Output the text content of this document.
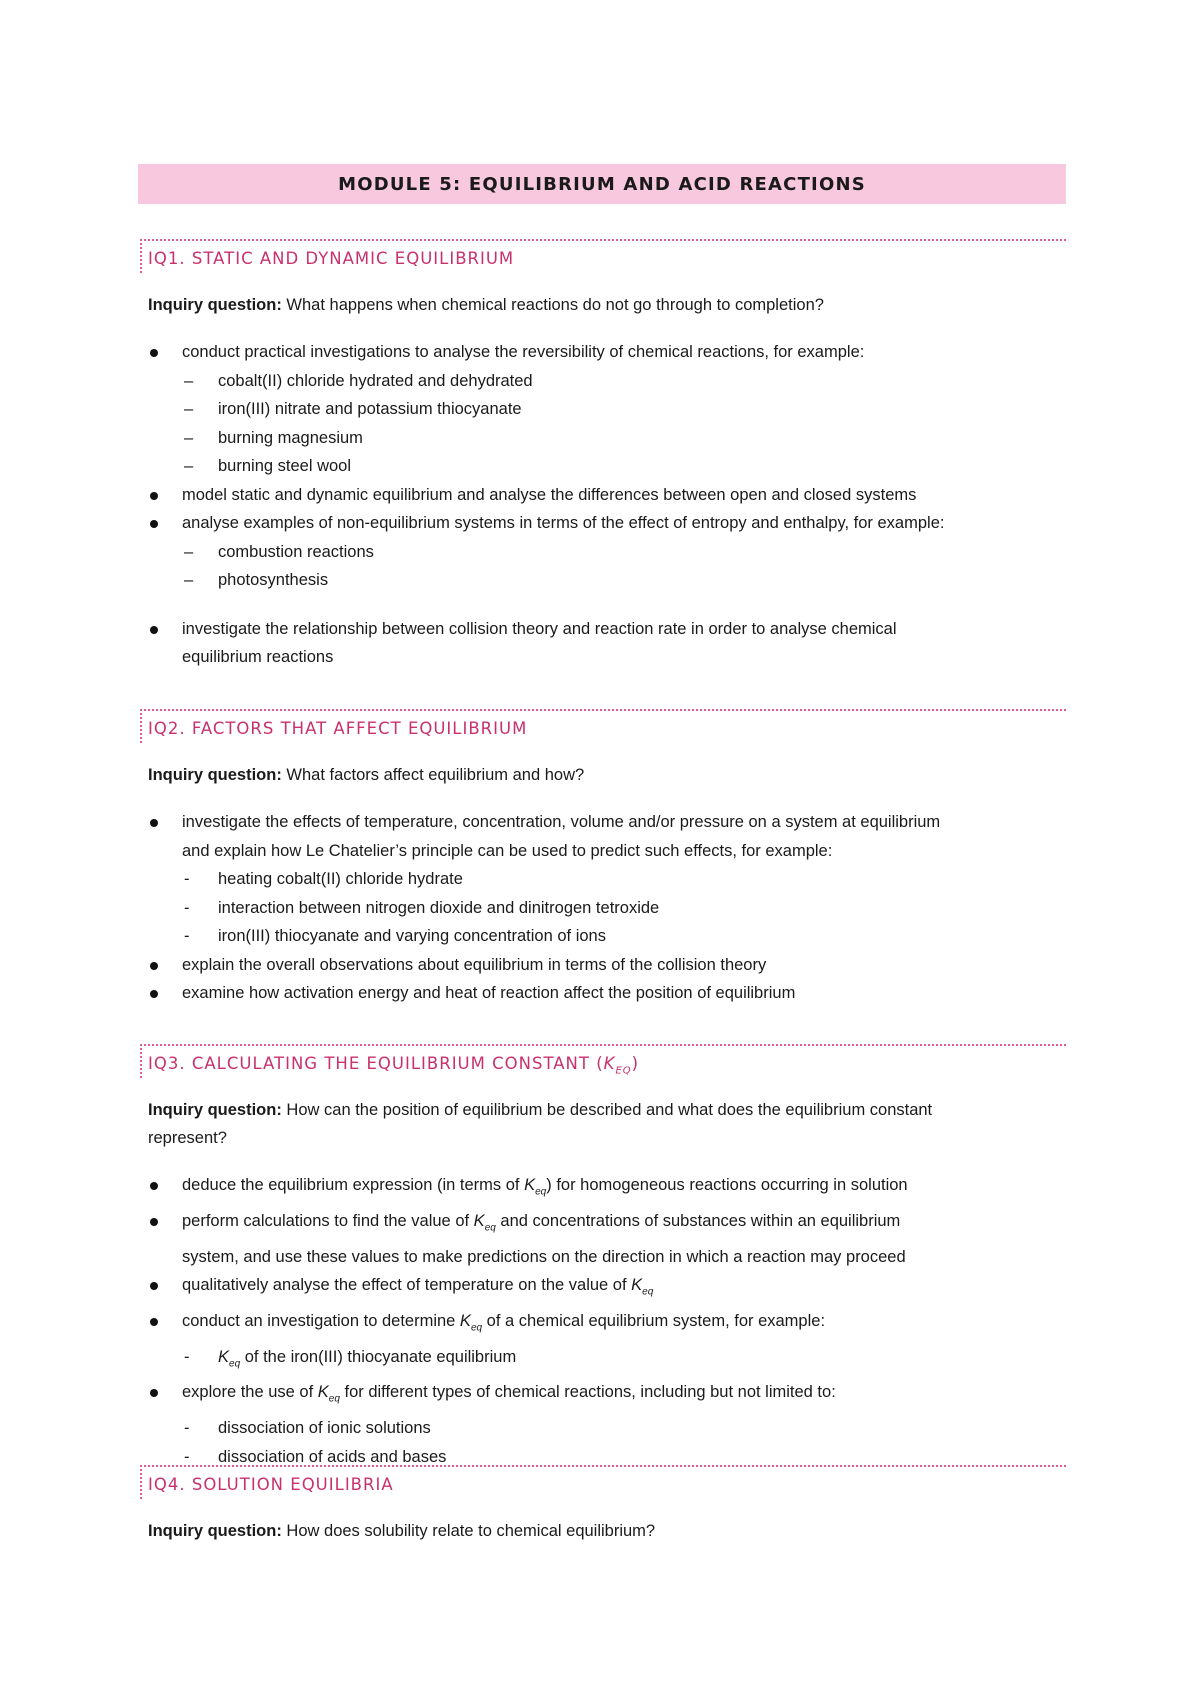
MODULE 5: EQUILIBRIUM AND ACID REACTIONS
IQ1. STATIC AND DYNAMIC EQUILIBRIUM

Inquiry question: What happens when chemical reactions do not go through to completion?

conduct practical investigations to analyse the reversibility of chemical reactions, for example:
– cobalt(II) chloride hydrated and dehydrated
– iron(III) nitrate and potassium thiocyanate
– burning magnesium
– burning steel wool
model static and dynamic equilibrium and analyse the differences between open and closed systems
analyse examples of non-equilibrium systems in terms of the effect of entropy and enthalpy, for example:
– combustion reactions
– photosynthesis
investigate the relationship between collision theory and reaction rate in order to analyse chemical
equilibrium reactions
IQ2. FACTORS THAT AFFECT EQUILIBRIUM

Inquiry question: What factors affect equilibrium and how?

investigate the effects of temperature, concentration, volume and/or pressure on a system at equilibrium
and explain how Le Chatelier’s principle can be used to predict such effects, for example:
- heating cobalt(II) chloride hydrate
- interaction between nitrogen dioxide and dinitrogen tetroxide
- iron(III) thiocyanate and varying concentration of ions
explain the overall observations about equilibrium in terms of the collision theory
examine how activation energy and heat of reaction affect the position of equilibrium
IQ3. CALCULATING THE EQUILIBRIUM CONSTANT $(K_{EQ})$

Inquiry question: How can the position of equilibrium be described and what does the equilibrium constant
represent?

deduce the equilibrium expression (in terms of $K_{eq}$) for homogeneous reactions occurring in solution
perform calculations to find the value of $K_{eq}$ and concentrations of substances within an equilibrium
system, and use these values to make predictions on the direction in which a reaction may proceed
qualitatively analyse the effect of temperature on the value of $K_{eq}$
conduct an investigation to determine $K_{eq}$ of a chemical equilibrium system, for example:
- $K_{eq}$ of the iron(III) thiocyanate equilibrium
explore the use of $K_{eq}$ for different types of chemical reactions, including but not limited to:
- dissociation of ionic solutions
- dissociation of acids and bases
IQ4. SOLUTION EQUILIBRIA

Inquiry question: How does solubility relate to chemical equilibrium?
